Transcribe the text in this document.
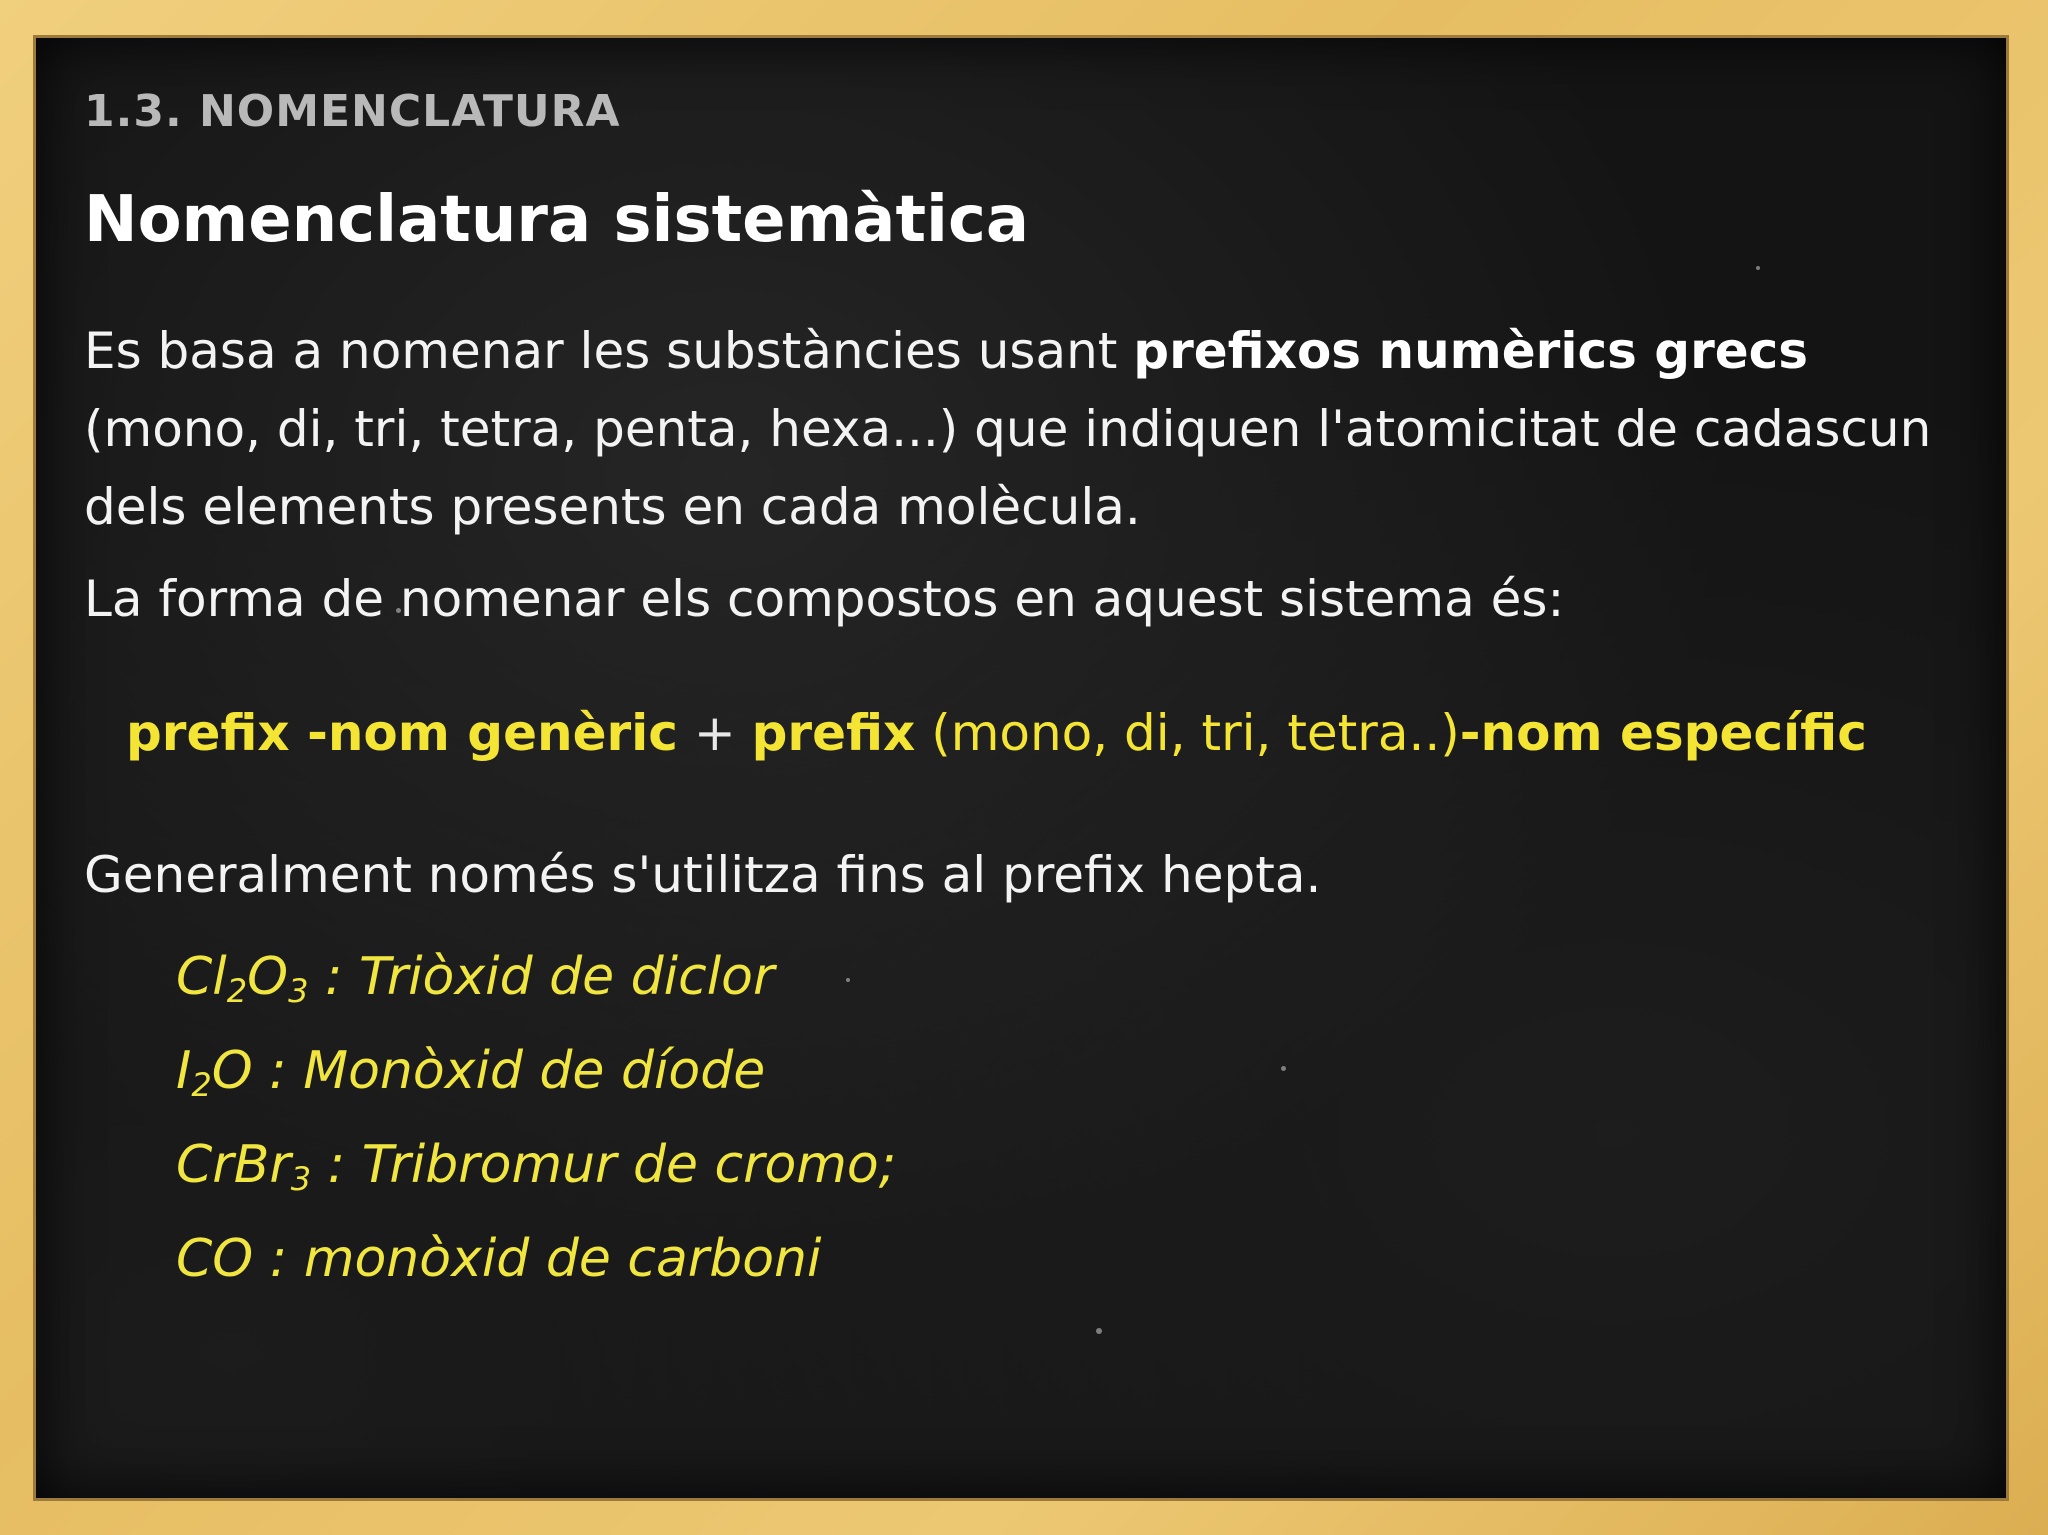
1.3. NOMENCLATURA

Nomenclatura sistemàtica

Es basa a nomenar les substàncies usant prefixos numèrics grecs (mono, di, tri, tetra, penta, hexa...) que indiquen l'atomicitat de cadascun dels elements presents en cada molècula.

La forma de nomenar els compostos en aquest sistema és:

prefix -nom genèric + prefix (mono, di, tri, tetra..)-nom específic

Generalment només s'utilitza fins al prefix hepta.

$Cl_2O_3$ : Triòxid de diclor
$I_2O$ : Monòxid de díode
CrBr$_3$ : Tribromur de cromo;
CO : monòxid de carboni
